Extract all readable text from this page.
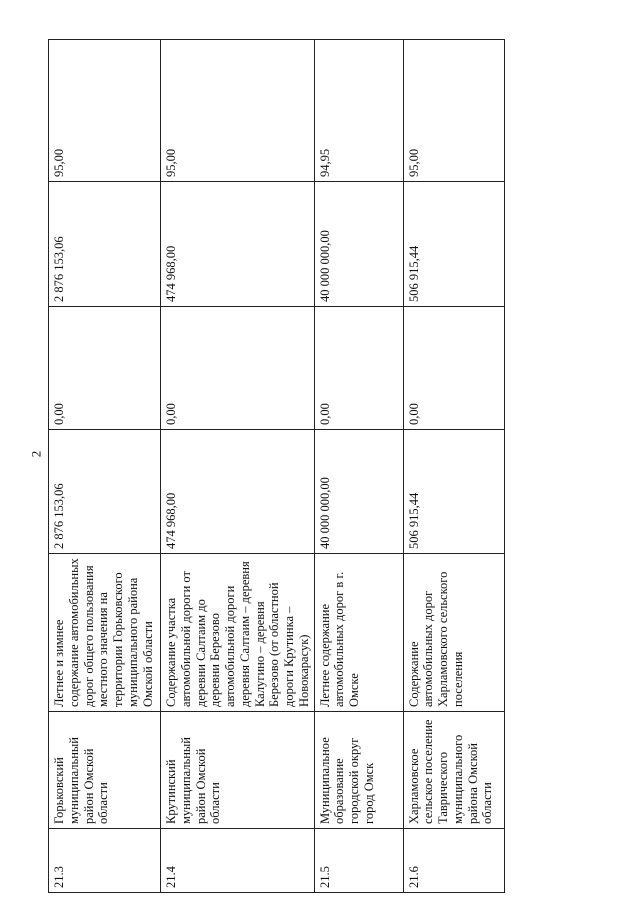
2
21.3	Горьковский муниципальный район Омской области	Летнее и зимнее содержание автомобильных дорог общего пользования местного значения на территории Горьковского муниципального района Омской области	2 876 153,06	0,00	2 876 153,06	95,00
21.4	Крутинский муниципальный район Омской области	Содержание участка автомобильной дороги от деревни Салтаим до деревни Березово автомобильной дороги деревня Салтаим – деревня Калугино – деревня Березово (от областной дороги Крутинка – Новокарасук)	474 968,00	0,00	474 968,00	95,00
21.5	Муниципальное образование городской округ город Омск	Летнее содержание автомобильных дорог в г. Омске	40 000 000,00	0,00	40 000 000,00	94,95
21.6	Харламовское сельское поселение Таврического муниципального района Омской области	Содержание автомобильных дорог Харламовского сельского поселения	506 915,44	0,00	506 915,44	95,00
